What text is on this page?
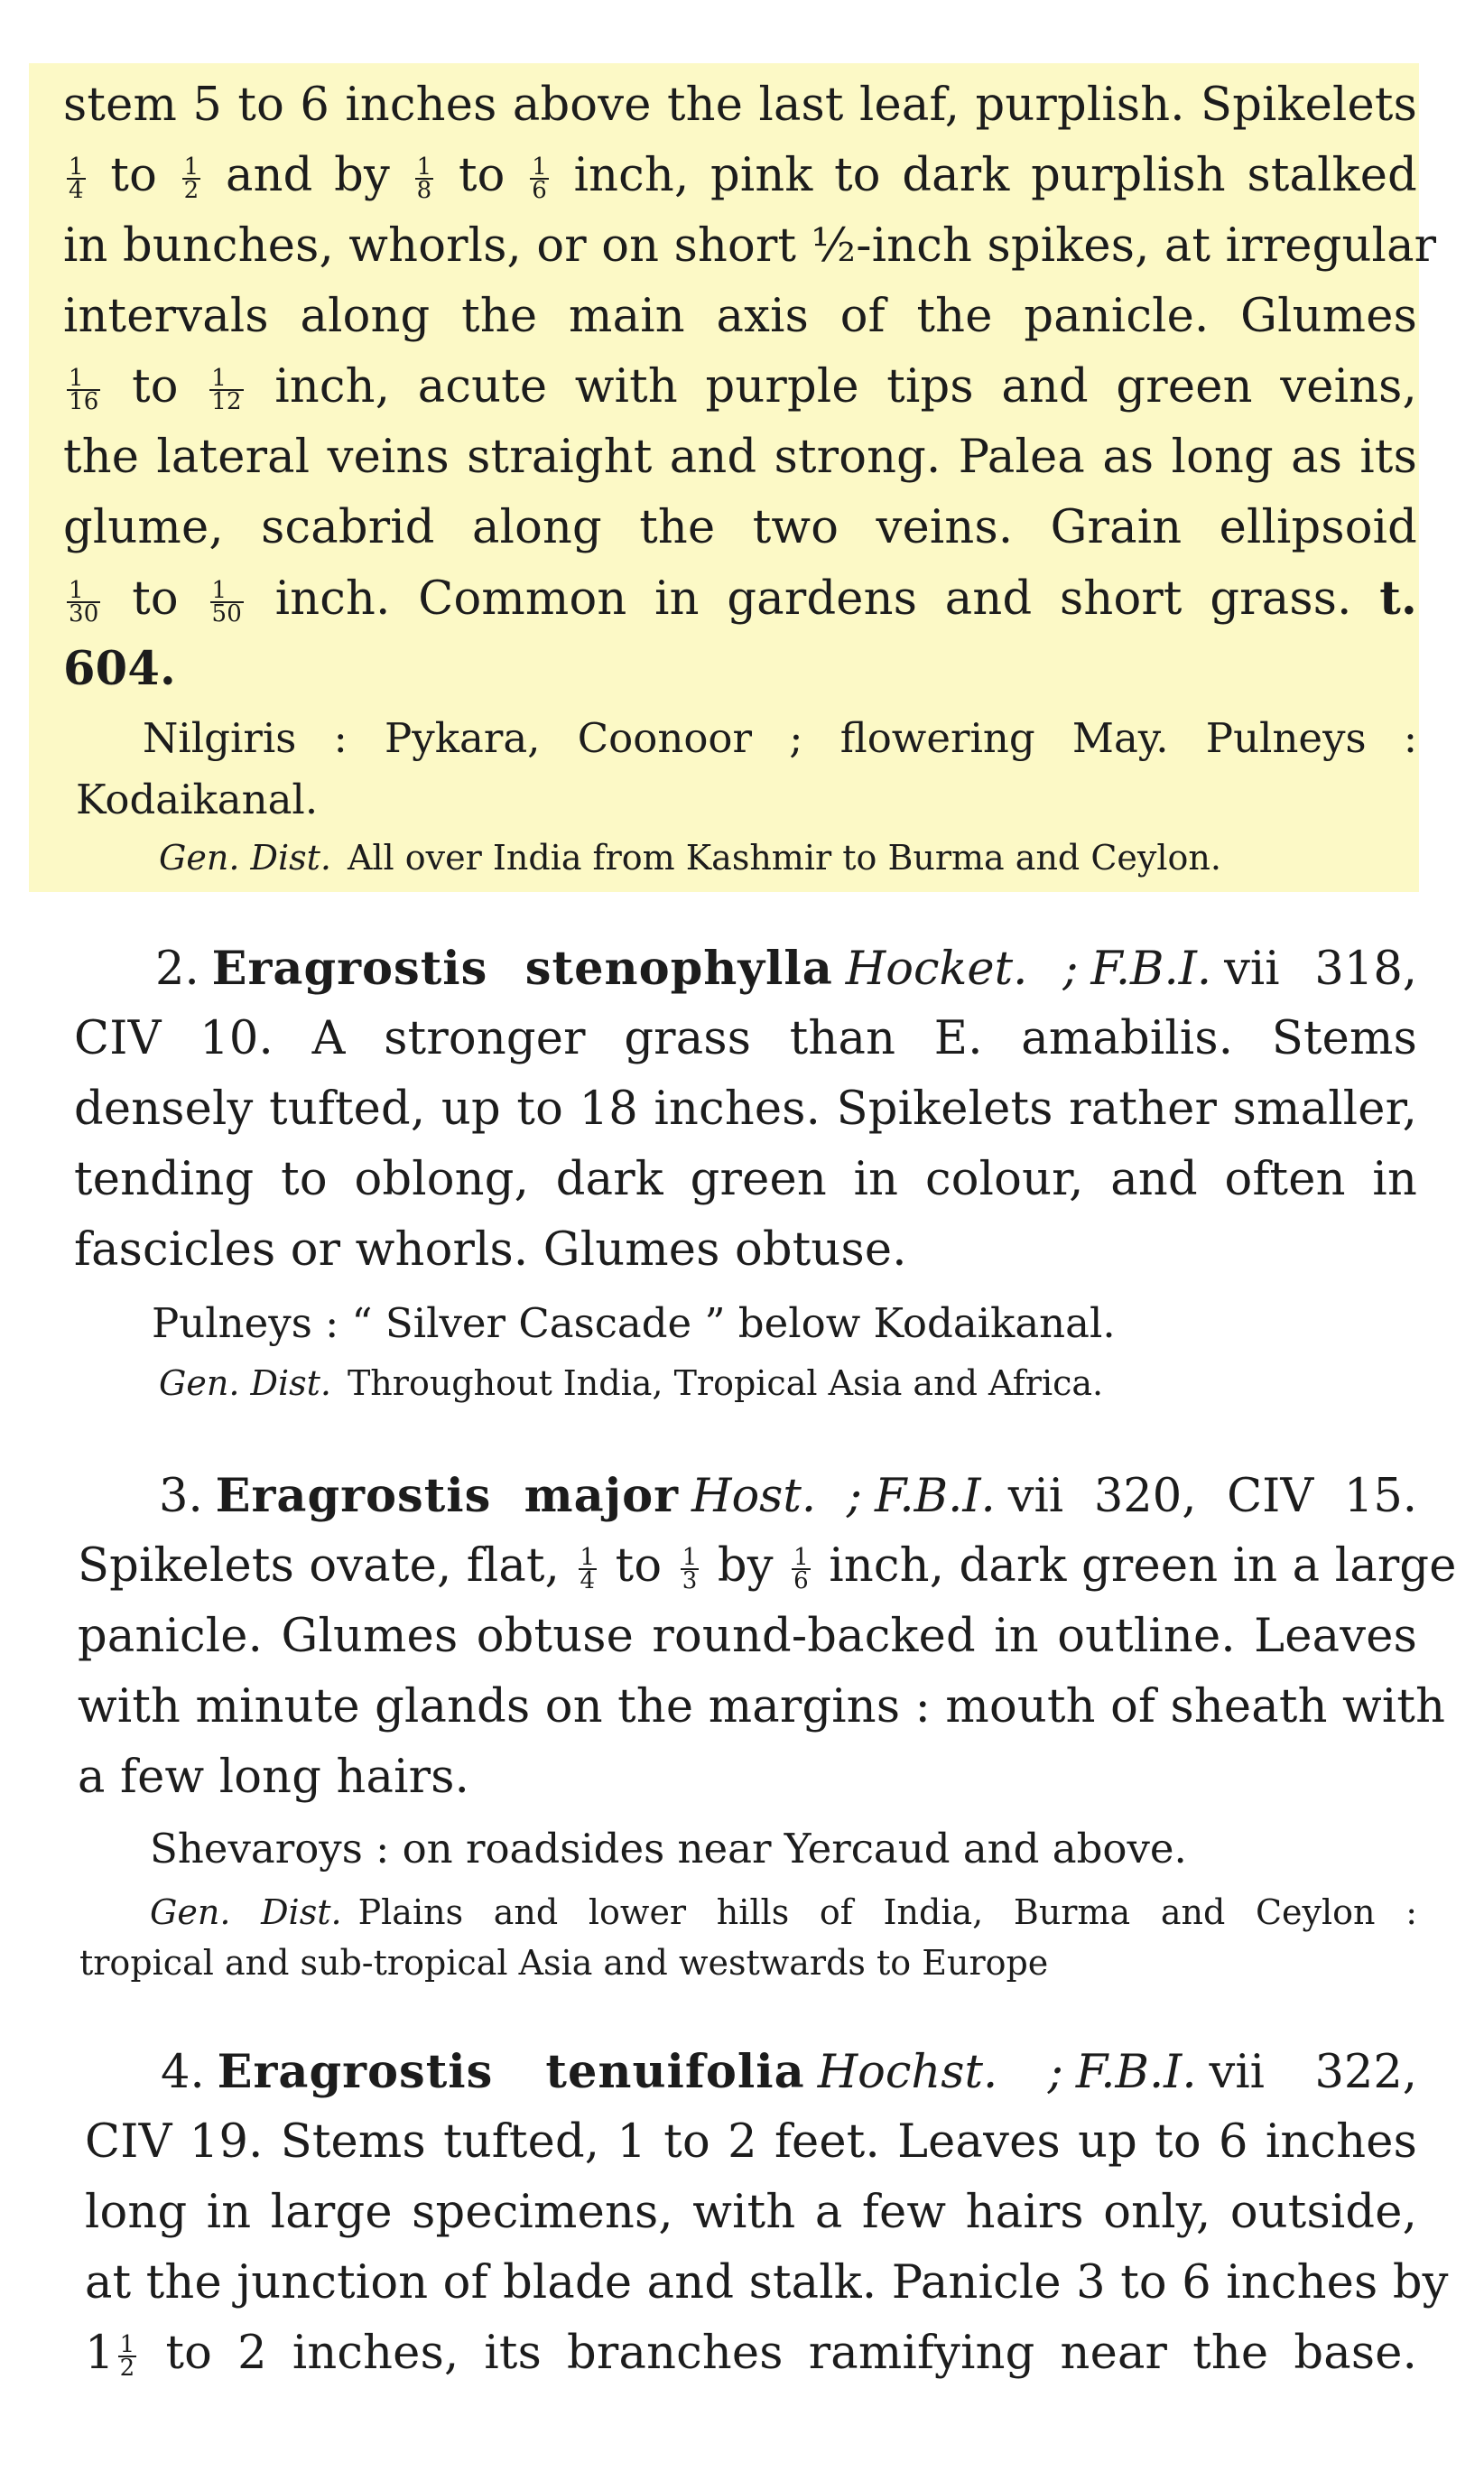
stem 5 to 6 inches above the last leaf, purplish. Spikelets
$\frac{1}{4}$ to $\frac{1}{2}$ and by $\frac{1}{8}$ to $\frac{1}{6}$ inch, pink to dark purplish stalked
in bunches, whorls, or on short ½-inch spikes, at irregular
intervals along the main axis of the panicle. Glumes
$\frac{1}{16}$ to $\frac{1}{12}$ inch, acute with purple tips and green veins,
the lateral veins straight and strong. Palea as long as its
glume, scabrid along the two veins. Grain ellipsoid
$\frac{1}{30}$ to $\frac{1}{50}$ inch. Common in gardens and short grass. t.
604.
Nilgiris : Pykara, Coonoor ; flowering May. Pulneys :
Kodaikanal.
Gen. Dist. All over India from Kashmir to Burma and Ceylon.
2. Eragrostis stenophylla Hocket. ; F.B.I. vii 318,
CIV 10. A stronger grass than E. amabilis. Stems
densely tufted, up to 18 inches. Spikelets rather smaller,
tending to oblong, dark green in colour, and often in
fascicles or whorls. Glumes obtuse.
Pulneys : “ Silver Cascade ” below Kodaikanal.
Gen. Dist. Throughout India, Tropical Asia and Africa.
3. Eragrostis major Host. ; F.B.I. vii 320, CIV 15.
Spikelets ovate, flat, $\frac{1}{4}$ to $\frac{1}{3}$ by $\frac{1}{6}$ inch, dark green in a large
panicle. Glumes obtuse round-backed in outline. Leaves
with minute glands on the margins : mouth of sheath with
a few long hairs.
Shevaroys : on roadsides near Yercaud and above.
Gen. Dist. Plains and lower hills of India, Burma and Ceylon :
tropical and sub-tropical Asia and westwards to Europe
4. Eragrostis tenuifolia Hochst. ; F.B.I. vii 322,
CIV 19. Stems tufted, 1 to 2 feet. Leaves up to 6 inches
long in large specimens, with a few hairs only, outside,
at the junction of blade and stalk. Panicle 3 to 6 inches by
$1 \frac{1}{2}$ to 2 inches, its branches ramifying near the base.
